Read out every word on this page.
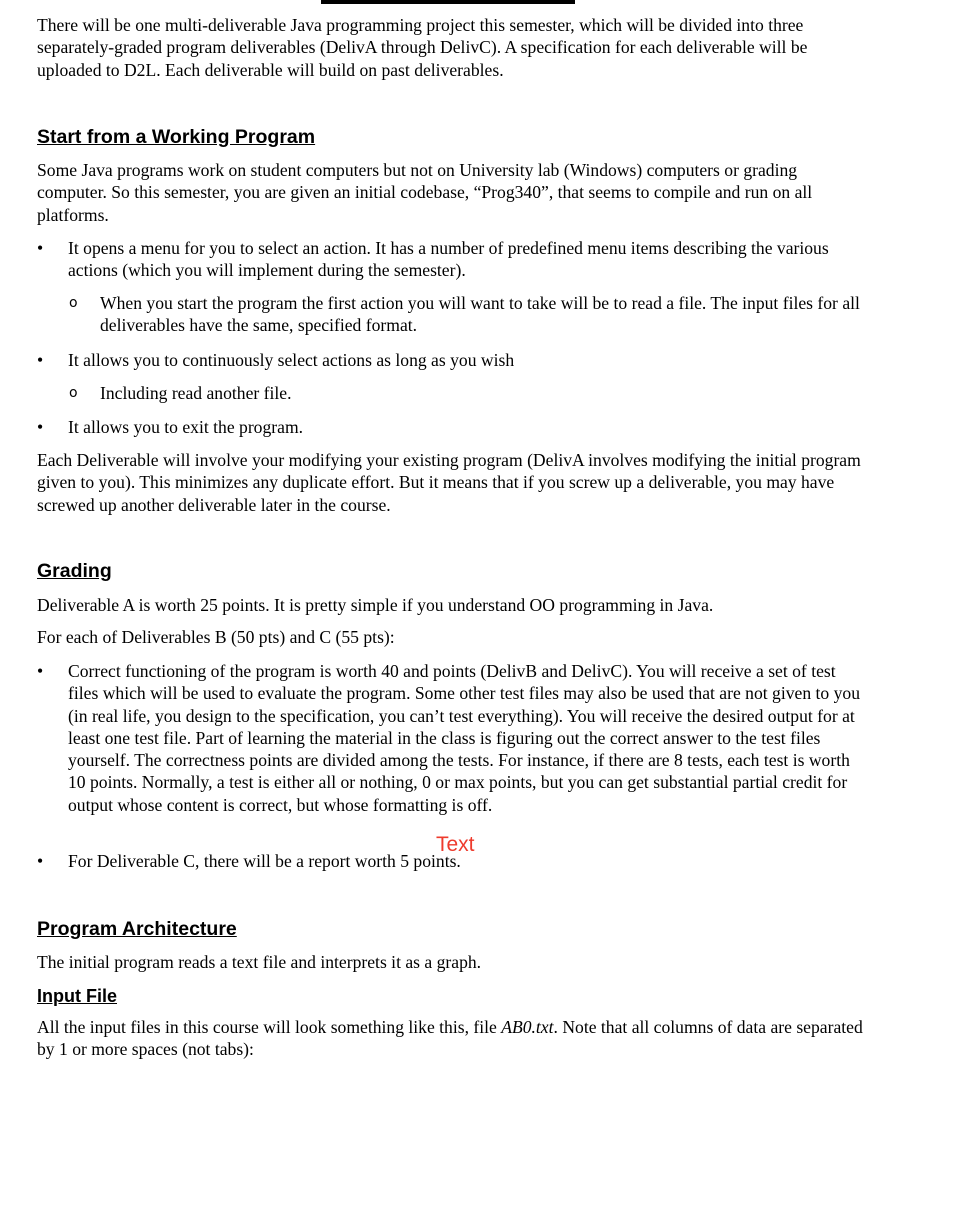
There will be one multi-deliverable Java programming project this semester, which will be divided into three separately-graded program deliverables (DelivA through DelivC). A specification for each deliverable will be uploaded to D2L. Each deliverable will build on past deliverables.

Start from a Working Program

Some Java programs work on student computers but not on University lab (Windows) computers or grading computer. So this semester, you are given an initial codebase, “Prog340”, that seems to compile and run on all platforms.

• It opens a menu for you to select an action. It has a number of predefined menu items describing the various actions (which you will implement during the semester).

o When you start the program the first action you will want to take will be to read a file. The input files for all deliverables have the same, specified format.

• It allows you to continuously select actions as long as you wish

o Including read another file.

• It allows you to exit the program.

Each Deliverable will involve your modifying your existing program (DelivA involves modifying the initial program given to you). This minimizes any duplicate effort. But it means that if you screw up a deliverable, you may have screwed up another deliverable later in the course.

Grading

Deliverable A is worth 25 points. It is pretty simple if you understand OO programming in Java.

For each of Deliverables B (50 pts) and C (55 pts):

• Correct functioning of the program is worth 40 and points (DelivB and DelivC). You will receive a set of test files which will be used to evaluate the program. Some other test files may also be used that are not given to you (in real life, you design to the specification, you can’t test everything). You will receive the desired output for at least one test file. Part of learning the material in the class is figuring out the correct answer to the test files yourself. The correctness points are divided among the tests. For instance, if there are 8 tests, each test is worth 10 points. Normally, a test is either all or nothing, 0 or max points, but you can get substantial partial credit for output whose content is correct, but whose formatting is off.

• For Deliverable C, there will be a report worth 5 points.

Text
Program Architecture

The initial program reads a text file and interprets it as a graph.

Input File

All the input files in this course will look something like this, file AB0.txt. Note that all columns of data are separated by 1 or more spaces (not tabs):
